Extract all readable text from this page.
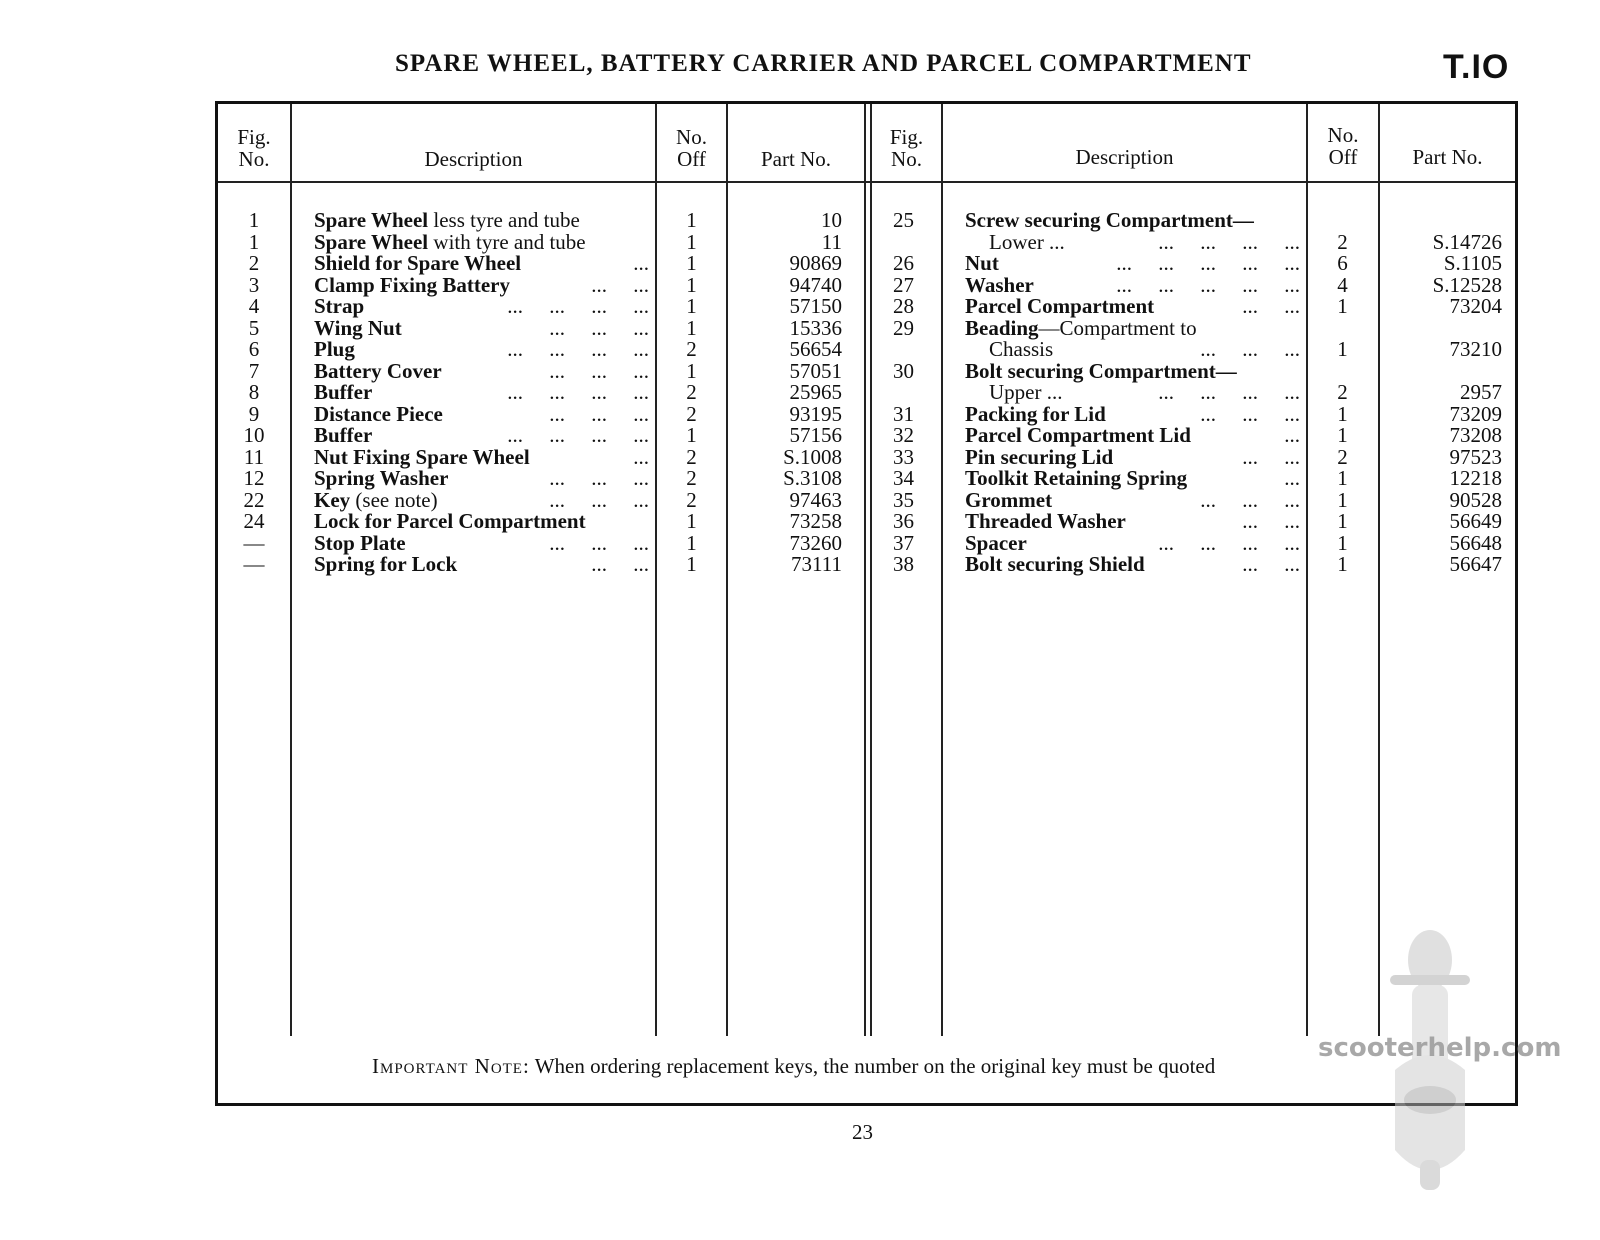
SPARE WHEEL, BATTERY CARRIER AND PARCEL COMPARTMENT	T.IO
Fig.
No.	Description
No.
Off	Part No.
Fig.
No.	Description
No.
Off	Part No.
1	Spare Wheel less tyre and tube	1	10
1	Spare Wheel with tyre and tube	1	11
2	Shield for Spare Wheel	...	1	90869
3	Clamp Fixing Battery	...     ...	1	94740
4	Strap	...     ...     ...     ...	1	57150
5	Wing Nut	...     ...     ...	1	15336
6	Plug	...     ...     ...     ...	2	56654
7	Battery Cover	...     ...     ...	1	57051
8	Buffer	...     ...     ...     ...	2	25965
9	Distance Piece	...     ...     ...	2	93195
10	Buffer	...     ...     ...     ...	1	57156
11	Nut Fixing Spare Wheel	...	2	S.1008
12	Spring Washer	...     ...     ...	2	S.3108
22	Key (see note)	...     ...     ...	2	97463
24	Lock for Parcel Compartment	1	73258
—	Stop Plate	...     ...     ...	1	73260
—	Spring for Lock	...     ...	1	73111
25	Screw securing Compartment—
Lower ...	...     ...     ...     ...	2	S.14726
26	Nut	...     ...     ...     ...     ...	6	S.1105
27	Washer	...     ...     ...     ...     ...	4	S.12528
28	Parcel Compartment	...     ...	1	73204
29	Beading—Compartment to
Chassis	...     ...     ...	1	73210
30	Bolt securing Compartment—
Upper ...	...     ...     ...     ...	2	2957
31	Packing for Lid	...     ...     ...	1	73209
32	Parcel Compartment Lid	...	1	73208
33	Pin securing Lid	...     ...	2	97523
34	Toolkit Retaining Spring	...	1	12218
35	Grommet	...     ...     ...	1	90528
36	Threaded Washer	...     ...	1	56649
37	Spacer	...     ...     ...     ...	1	56648
38	Bolt securing Shield	...     ...	1	56647
Important Note: When ordering replacement keys, the number on the original key must be quoted
23
scooterhelp.com
